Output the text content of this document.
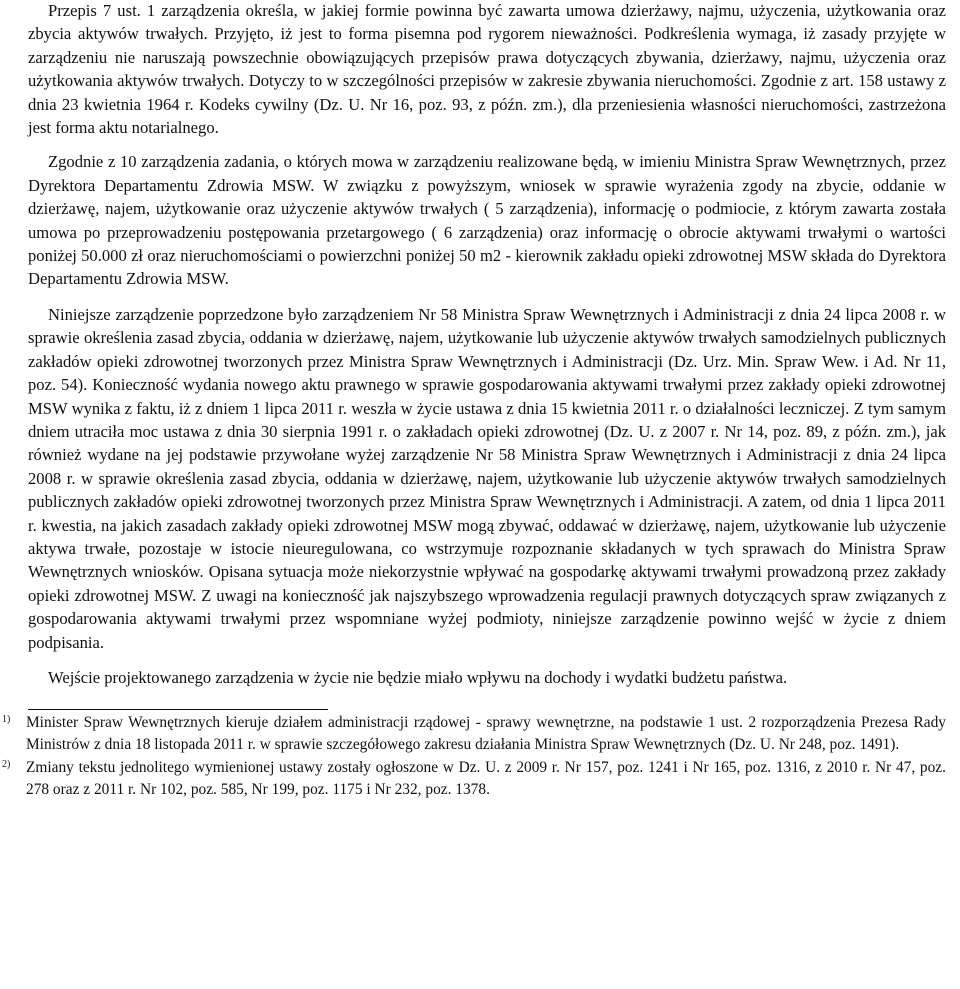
Przepis 7 ust. 1 zarządzenia określa, w jakiej formie powinna być zawarta umowa dzierżawy, najmu, użyczenia, użytkowania oraz zbycia aktywów trwałych. Przyjęto, iż jest to forma pisemna pod rygorem nieważności. Podkreślenia wymaga, iż zasady przyjęte w zarządzeniu nie naruszają powszechnie obowiązujących przepisów prawa dotyczących zbywania, dzierżawy, najmu, użyczenia oraz użytkowania aktywów trwałych. Dotyczy to w szczególności przepisów w zakresie zbywania nieruchomości. Zgodnie z art. 158 ustawy z dnia 23 kwietnia 1964 r. Kodeks cywilny (Dz. U. Nr 16, poz. 93, z późn. zm.), dla przeniesienia własności nieruchomości, zastrzeżona jest forma aktu notarialnego.

Zgodnie z 10 zarządzenia zadania, o których mowa w zarządzeniu realizowane będą, w imieniu Ministra Spraw Wewnętrznych, przez Dyrektora Departamentu Zdrowia MSW. W związku z powyższym, wniosek w sprawie wyrażenia zgody na zbycie, oddanie w dzierżawę, najem, użytkowanie oraz użyczenie aktywów trwałych ( 5 zarządzenia), informację o podmiocie, z którym zawarta została umowa po przeprowadzeniu postępowania przetargowego ( 6 zarządzenia) oraz informację o obrocie aktywami trwałymi o wartości poniżej 50.000 zł oraz nieruchomościami o powierzchni poniżej 50 m2 - kierownik zakładu opieki zdrowotnej MSW składa do Dyrektora Departamentu Zdrowia MSW.

Niniejsze zarządzenie poprzedzone było zarządzeniem Nr 58 Ministra Spraw Wewnętrznych i Administracji z dnia 24 lipca 2008 r. w sprawie określenia zasad zbycia, oddania w dzierżawę, najem, użytkowanie lub użyczenie aktywów trwałych samodzielnych publicznych zakładów opieki zdrowotnej tworzonych przez Ministra Spraw Wewnętrznych i Administracji (Dz. Urz. Min. Spraw Wew. i Ad. Nr 11, poz. 54). Konieczność wydania nowego aktu prawnego w sprawie gospodarowania aktywami trwałymi przez zakłady opieki zdrowotnej MSW wynika z faktu, iż z dniem 1 lipca 2011 r. weszła w życie ustawa z dnia 15 kwietnia 2011 r. o działalności leczniczej. Z tym samym dniem utraciła moc ustawa z dnia 30 sierpnia 1991 r. o zakładach opieki zdrowotnej (Dz. U. z 2007 r. Nr 14, poz. 89, z późn. zm.), jak również wydane na jej podstawie przywołane wyżej zarządzenie Nr 58 Ministra Spraw Wewnętrznych i Administracji z dnia 24 lipca 2008 r. w sprawie określenia zasad zbycia, oddania w dzierżawę, najem, użytkowanie lub użyczenie aktywów trwałych samodzielnych publicznych zakładów opieki zdrowotnej tworzonych przez Ministra Spraw Wewnętrznych i Administracji. A zatem, od dnia 1 lipca 2011 r. kwestia, na jakich zasadach zakłady opieki zdrowotnej MSW mogą zbywać, oddawać w dzierżawę, najem, użytkowanie lub użyczenie aktywa trwałe, pozostaje w istocie nieuregulowana, co wstrzymuje rozpoznanie składanych w tych sprawach do Ministra Spraw Wewnętrznych wniosków. Opisana sytuacja może niekorzystnie wpływać na gospodarkę aktywami trwałymi prowadzoną przez zakłady opieki zdrowotnej MSW. Z uwagi na konieczność jak najszybszego wprowadzenia regulacji prawnych dotyczących spraw związanych z gospodarowania aktywami trwałymi przez wspomniane wyżej podmioty, niniejsze zarządzenie powinno wejść w życie z dniem podpisania.

Wejście projektowanego zarządzenia w życie nie będzie miało wpływu na dochody i wydatki budżetu państwa.

1) Minister Spraw Wewnętrznych kieruje działem administracji rządowej - sprawy wewnętrzne, na podstawie 1 ust. 2 rozporządzenia Prezesa Rady Ministrów z dnia 18 listopada 2011 r. w sprawie szczegółowego zakresu działania Ministra Spraw Wewnętrznych (Dz. U. Nr 248, poz. 1491).
2) Zmiany tekstu jednolitego wymienionej ustawy zostały ogłoszone w Dz. U. z 2009 r. Nr 157, poz. 1241 i Nr 165, poz. 1316, z 2010 r. Nr 47, poz. 278 oraz z 2011 r. Nr 102, poz. 585, Nr 199, poz. 1175 i Nr 232, poz. 1378.
